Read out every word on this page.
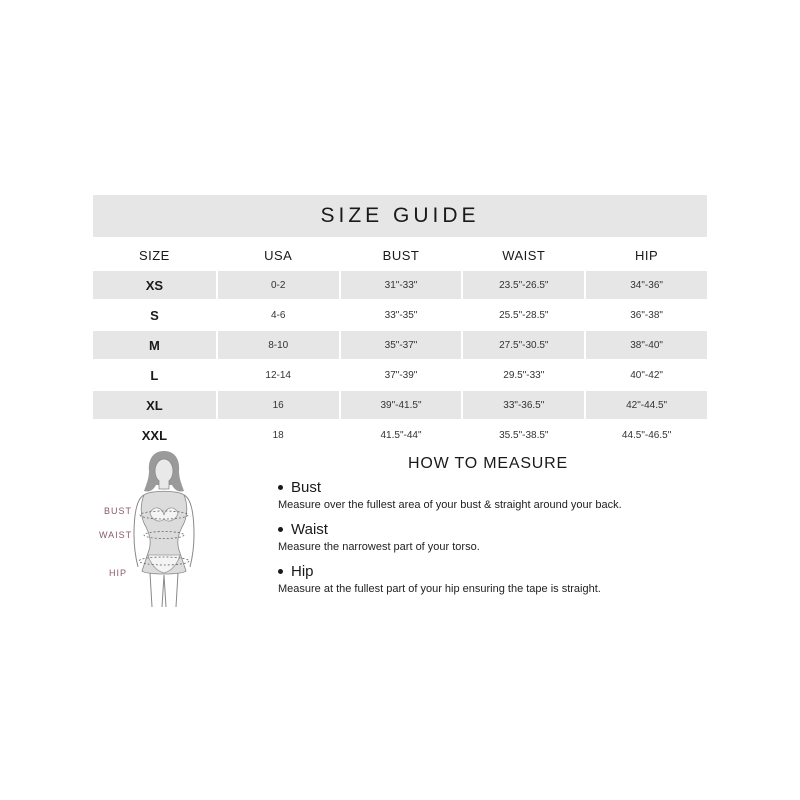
SIZE GUIDE
SIZE	USA	BUST	WAIST	HIP
XS	0-2	31"-33"	23.5"-26.5"	34"-36"
S	4-6	33"-35"	25.5"-28.5"	36"-38"
M	8-10	35"-37"	27.5"-30.5"	38"-40"
L	12-14	37"-39"	29.5"-33"	40"-42"
XL	16	39"-41.5"	33"-36.5"	42"-44.5"
XXL	18	41.5"-44"	35.5"-38.5"	44.5"-46.5"
BUST
WAIST
HIP
HOW TO MEASURE
Bust
Measure over the fullest area of your bust & straight around your back.
Waist
Measure the narrowest part of your torso.
Hip
Measure at the fullest part of your hip ensuring the tape is straight.
